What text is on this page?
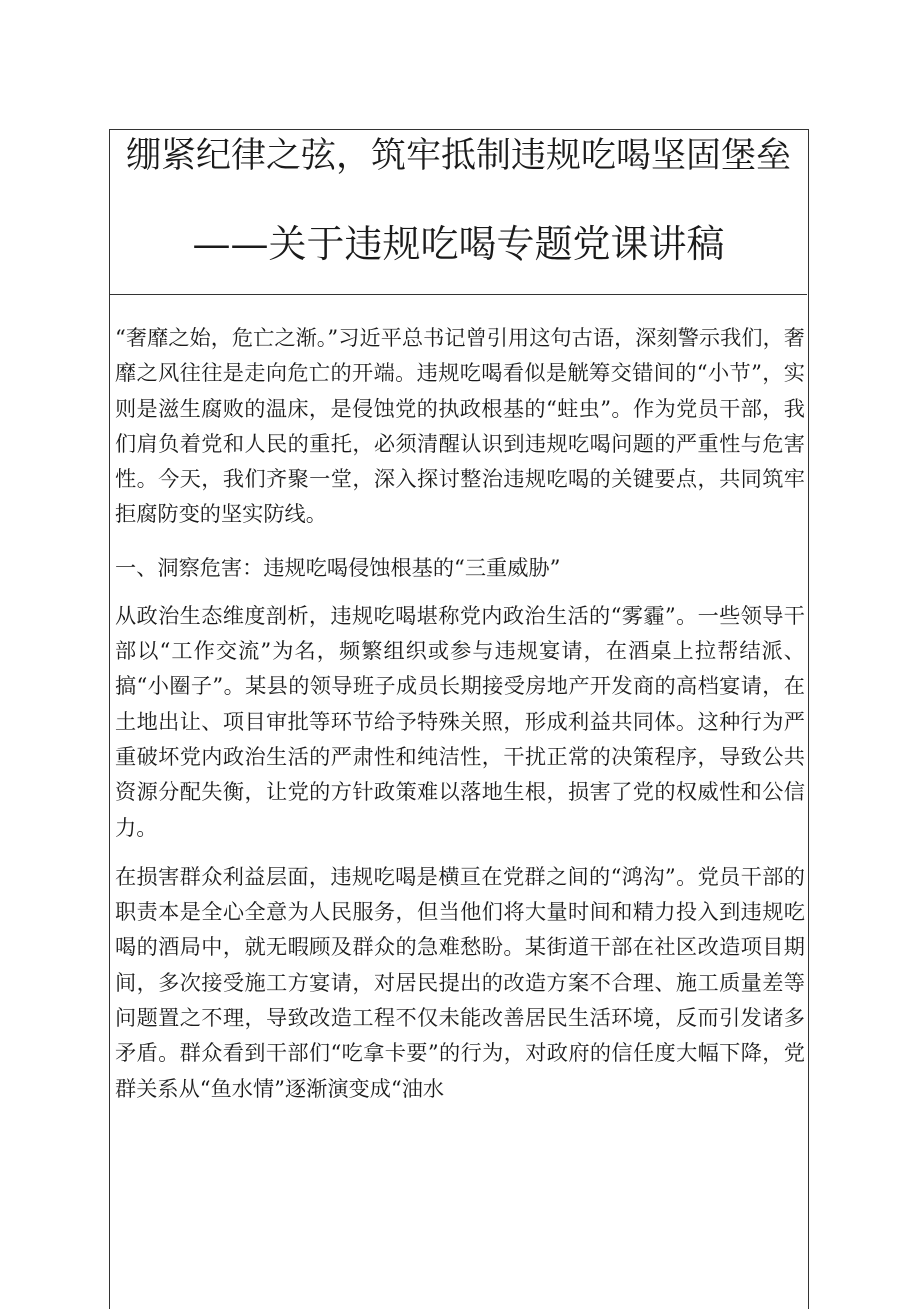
绷紧纪律之弦，筑牢抵制违规吃喝坚固堡垒
——关于违规吃喝专题党课讲稿

“奢靡之始，危亡之渐。”习近平总书记曾引用这句古语，深刻警示我们，奢靡之风往往是走向危亡的开端。违规吃喝看似是觥筹交错间的“小节”，实则是滋生腐败的温床，是侵蚀党的执政根基的“蛀虫”。作为党员干部，我们肩负着党和人民的重托，必须清醒认识到违规吃喝问题的严重性与危害性。今天，我们齐聚一堂，深入探讨整治违规吃喝的关键要点，共同筑牢拒腐防变的坚实防线。

一、洞察危害：违规吃喝侵蚀根基的“三重威胁”

从政治生态维度剖析，违规吃喝堪称党内政治生活的“雾霾”。一些领导干部以“工作交流”为名，频繁组织或参与违规宴请，在酒桌上拉帮结派、搞“小圈子”。某县的领导班子成员长期接受房地产开发商的高档宴请，在土地出让、项目审批等环节给予特殊关照，形成利益共同体。这种行为严重破坏党内政治生活的严肃性和纯洁性，干扰正常的决策程序，导致公共资源分配失衡，让党的方针政策难以落地生根，损害了党的权威性和公信力。

在损害群众利益层面，违规吃喝是横亘在党群之间的“鸿沟”。党员干部的职责本是全心全意为人民服务，但当他们将大量时间和精力投入到违规吃喝的酒局中，就无暇顾及群众的急难愁盼。某街道干部在社区改造项目期间，多次接受施工方宴请，对居民提出的改造方案不合理、施工质量差等问题置之不理，导致改造工程不仅未能改善居民生活环境，反而引发诸多矛盾。群众看到干部们“吃拿卡要”的行为，对政府的信任度大幅下降，党群关系从“鱼水情”逐渐演变成“油水
